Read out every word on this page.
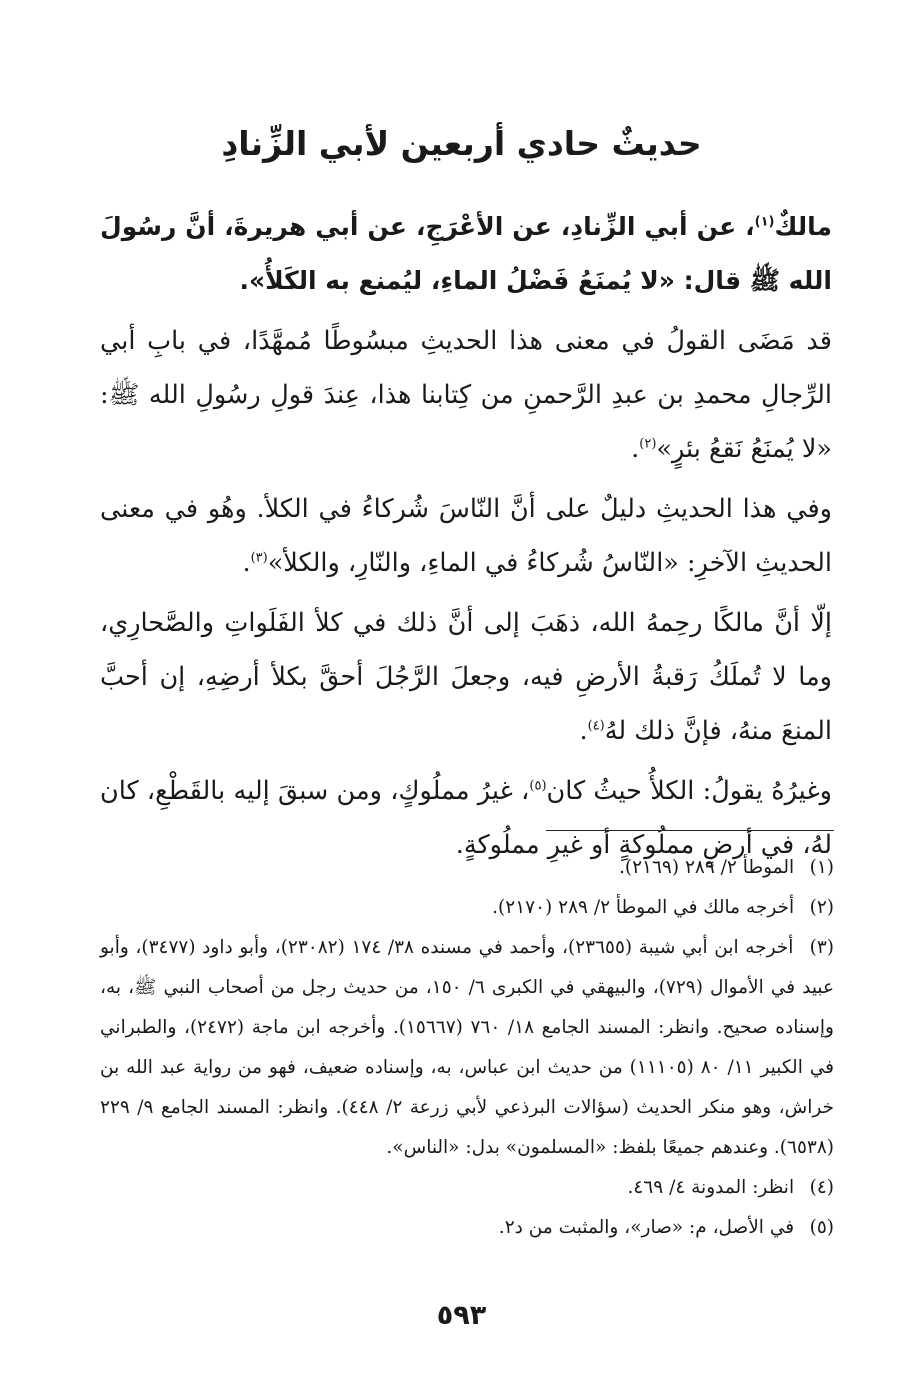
حديثٌ حادي أربعين لأبي الزِّنادِ

مالكٌ$^{(١)}$، عن أبي الزِّنادِ، عن الأعْرَجِ، عن أبي هريرةَ، أنَّ رسُولَ الله ﷺ قال: «لا يُمنَعُ فَضْلُ الماءِ، ليُمنع به الكَلأُ».

قد مَضَى القولُ في معنى هذا الحديثِ مبسُوطًا مُمهَّدًا، في بابِ أبي الرِّجالِ محمدِ بن عبدِ الرَّحمنِ من كِتابنا هذا، عِندَ قولِ رسُولِ الله ﷺ: «لا يُمنَعُ نَقعُ بئرٍ»$^{(٢)}$.

وفي هذا الحديثِ دليلٌ على أنَّ النّاسَ شُركاءُ في الكلأ. وهُو في معنى الحديثِ الآخرِ: «النّاسُ شُركاءُ في الماءِ، والنّارِ، والكلأ»$^{(٣)}$.

إلّا أنَّ مالكًا رحِمهُ الله، ذهَبَ إلى أنَّ ذلك في كلأ الفَلَواتِ والصَّحارِي، وما لا تُملَكُ رَقبةُ الأرضِ فيه، وجعلَ الرَّجُلَ أحقَّ بكلأ أرضِهِ، إن أحبَّ المنعَ منهُ، فإنَّ ذلك لهُ$^{(٤)}$.

وغيرُهُ يقولُ: الكلأُ حيثُ كان$^{(٥)}$، غيرُ مملُوكٍ، ومن سبقَ إليه بالقَطْعِ، كان لهُ، في أرضٍ مملُوكةٍ أو غيرِ مملُوكةٍ.

(١) الموطأ ٢/ ٢٨٩ (٢١٦٩).

(٢) أخرجه مالك في الموطأ ٢/ ٢٨٩ (٢١٧٠).

(٣) أخرجه ابن أبي شيبة (٢٣٦٥٥)، وأحمد في مسنده ٣٨/ ١٧٤ (٢٣٠٨٢)، وأبو داود (٣٤٧٧)، وأبو عبيد في الأموال (٧٢٩)، والبيهقي في الكبرى ٦/ ١٥٠، من حديث رجل من أصحاب النبي ﷺ، به، وإسناده صحيح. وانظر: المسند الجامع ١٨/ ٧٦٠ (١٥٦٦٧). وأخرجه ابن ماجة (٢٤٧٢)، والطبراني في الكبير ١١/ ٨٠ (١١١٠٥) من حديث ابن عباس، به، وإسناده ضعيف، فهو من رواية عبد الله بن خراش، وهو منكر الحديث (سؤالات البرذعي لأبي زرعة ٢/ ٤٤٨). وانظر: المسند الجامع ٩/ ٢٢٩ (٦٥٣٨). وعندهم جميعًا بلفظ: «المسلمون» بدل: «الناس».

(٤) انظر: المدونة ٤/ ٤٦٩.

(٥) في الأصل، م: «صار»، والمثبت من د٢.

٥٩٣
